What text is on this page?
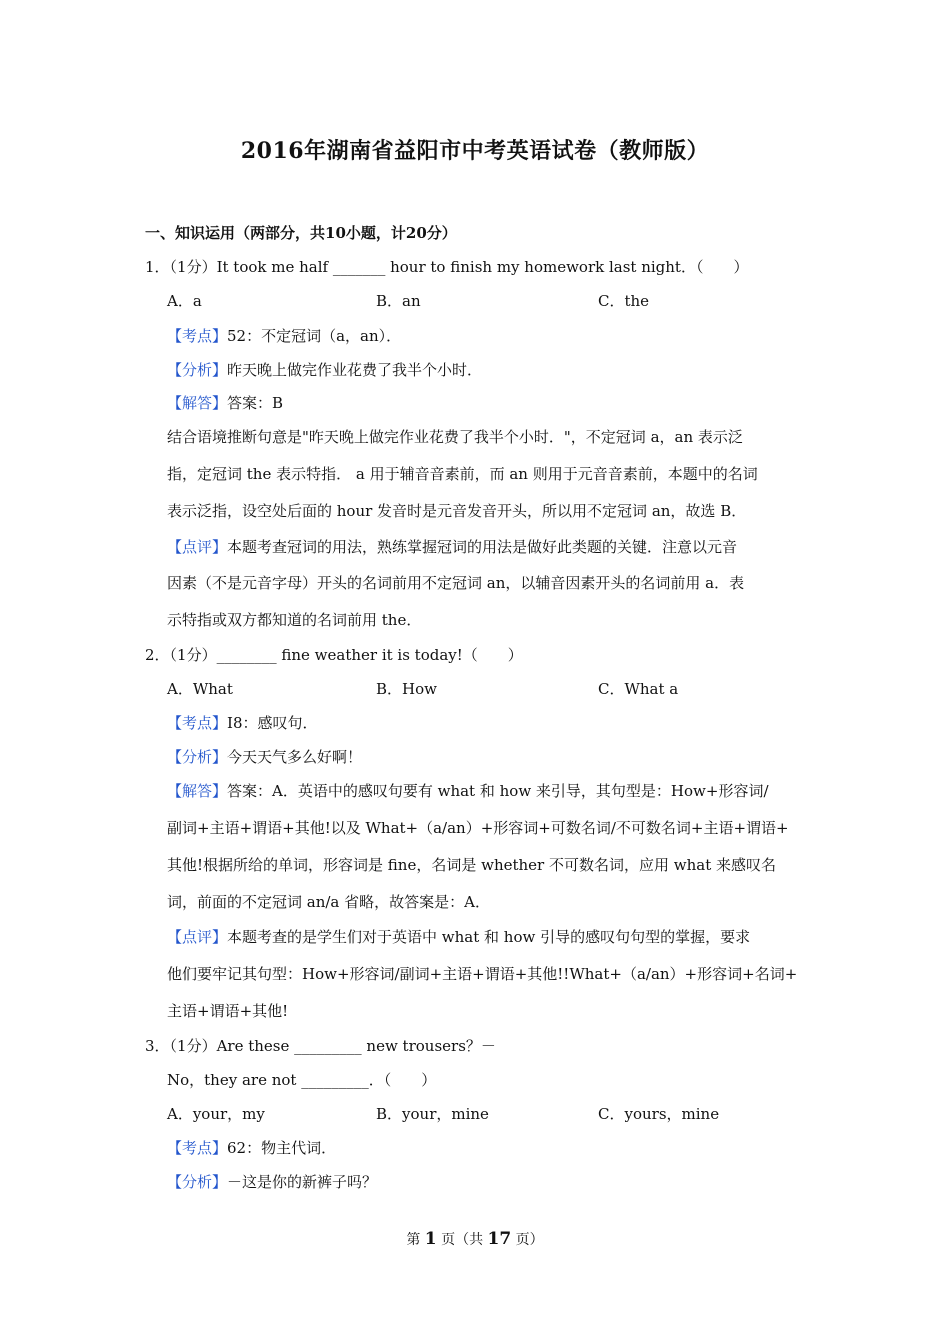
2016年湖南省益阳市中考英语试卷（教师版）
一、知识运用（两部分，共10小题，计20分）
1．（1分）It took me half _______ hour to finish my homework last night．（　　）
A．a	B．an	C．the
【考点】52：不定冠词（a，an）．
【分析】昨天晚上做完作业花费了我半个小时．
【解答】答案：B
结合语境推断句意是"昨天晚上做完作业花费了我半个小时．"，不定冠词 a，an 表示泛
指，定冠词 the 表示特指． a 用于辅音音素前，而 an 则用于元音音素前，本题中的名词
表示泛指，设空处后面的 hour 发音时是元音发音开头，所以用不定冠词 an，故选 B．
【点评】本题考查冠词的用法，熟练掌握冠词的用法是做好此类题的关键．注意以元音
因素（不是元音字母）开头的名词前用不定冠词 an，以辅音因素开头的名词前用 a．表
示特指或双方都知道的名词前用 the．
2．（1分）________ fine weather it is today!（　　）
A．What	B．How	C．What a
【考点】I8：感叹句．
【分析】今天天气多么好啊！
【解答】答案：A．英语中的感叹句要有 what 和 how 来引导，其句型是：How+形容词/
副词+主语+谓语+其他!以及 What+（a/an）+形容词+可数名词/不可数名词+主语+谓语+
其他!根据所给的单词，形容词是 fine，名词是 whether 不可数名词，应用 what 来感叹名
词，前面的不定冠词 an/a 省略，故答案是：A．
【点评】本题考查的是学生们对于英语中 what 和 how 引导的感叹句句型的掌握，要求
他们要牢记其句型：How+形容词/副词+主语+谓语+其他!!What+（a/an）+形容词+名词+
主语+谓语+其他!
3．（1分）Are these _________ new trousers？－
No，they are not _________．（　　）
A．your，my	B．your，mine	C．yours，mine
【考点】62：物主代词．
【分析】－这是你的新裤子吗？
第 1 页（共 17 页）
